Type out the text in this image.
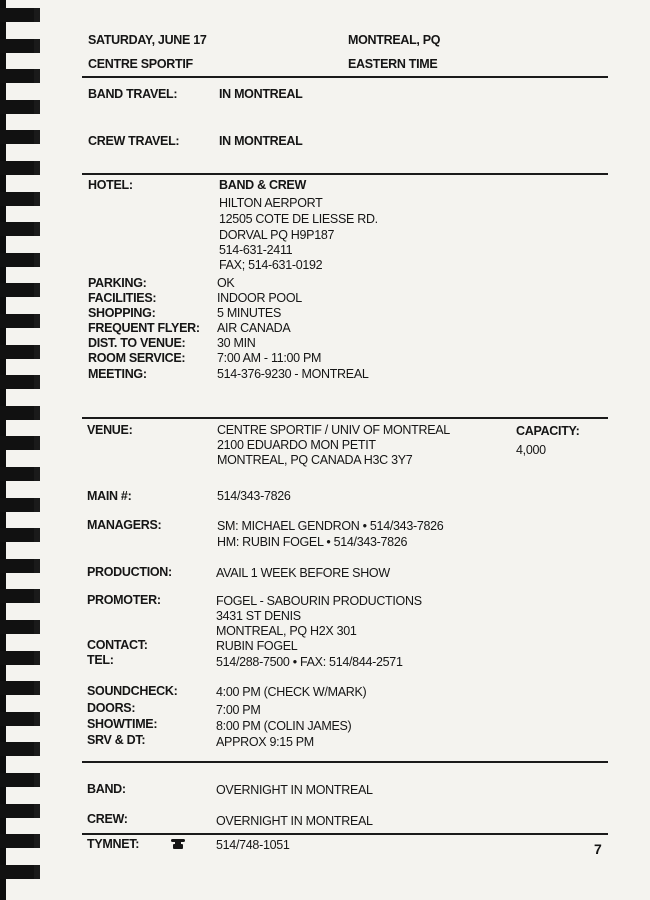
SATURDAY, JUNE 17	MONTREAL, PQ
CENTRE SPORTIF	EASTERN TIME
BAND TRAVEL:	IN MONTREAL
CREW TRAVEL:	IN MONTREAL
HOTEL:	BAND & CREW
HILTON AERPORT
12505 COTE DE LIESSE RD.
DORVAL PQ H9P187
514-631-2411
FAX; 514-631-0192
PARKING:	OK
FACILITIES:	INDOOR POOL
SHOPPING:	5 MINUTES
FREQUENT FLYER: AIR CANADA
DIST. TO VENUE:	30 MIN
ROOM SERVICE:	7:00 AM - 11:00 PM
MEETING:	514-376-9230 - MONTREAL
VENUE:	CENTRE SPORTIF / UNIV OF MONTREAL
2100 EDUARDO MON PETIT
MONTREAL, PQ CANADA H3C 3Y7
CAPACITY:
4,000
MAIN #:	514/343-7826
MANAGERS:	SM: MICHAEL GENDRON • 514/343-7826
HM: RUBIN FOGEL • 514/343-7826
PRODUCTION:	AVAIL 1 WEEK BEFORE SHOW
PROMOTER:	FOGEL - SABOURIN PRODUCTIONS
3431 ST DENIS
MONTREAL, PQ H2X 301
CONTACT:	RUBIN FOGEL
TEL:	514/288-7500 • FAX: 514/844-2571
SOUNDCHECK:	4:00 PM (CHECK W/MARK)
DOORS:	7:00 PM
SHOWTIME:	8:00 PM (COLIN JAMES)
SRV & DT:	APPROX 9:15 PM
BAND:	OVERNIGHT IN MONTREAL
CREW:	OVERNIGHT IN MONTREAL
TYMNET:	514/748-1051	7
